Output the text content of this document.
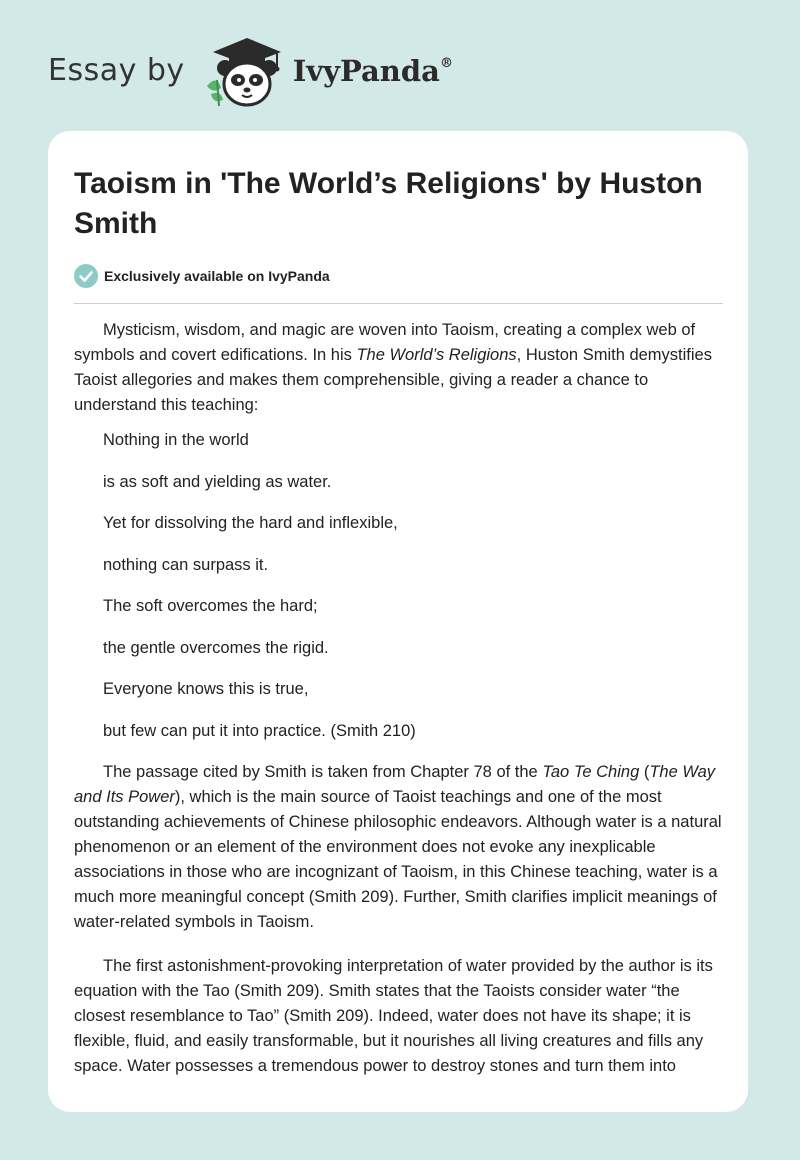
Essay by	IvyPanda®
Taoism in 'The World’s Religions' by Huston Smith
Exclusively available on IvyPanda

Mysticism, wisdom, and magic are woven into Taoism, creating a complex web of symbols and covert edifications. In his The World’s Religions, Huston Smith demystifies Taoist allegories and makes them comprehensible, giving a reader a chance to understand this teaching:

Nothing in the world

is as soft and yielding as water.

Yet for dissolving the hard and inflexible,

nothing can surpass it.

The soft overcomes the hard;

the gentle overcomes the rigid.

Everyone knows this is true,

but few can put it into practice. (Smith 210)

The passage cited by Smith is taken from Chapter 78 of the Tao Te Ching (The Way and Its Power), which is the main source of Taoist teachings and one of the most outstanding achievements of Chinese philosophic endeavors. Although water is a natural phenomenon or an element of the environment does not evoke any inexplicable associations in those who are incognizant of Taoism, in this Chinese teaching, water is a much more meaningful concept (Smith 209). Further, Smith clarifies implicit meanings of water-related symbols in Taoism.

The first astonishment-provoking interpretation of water provided by the author is its equation with the Tao (Smith 209). Smith states that the Taoists consider water “the closest resemblance to Tao” (Smith 209). Indeed, water does not have its shape; it is flexible, fluid, and easily transformable, but it nourishes all living creatures and fills any space. Water possesses a tremendous power to destroy stones and turn them into
